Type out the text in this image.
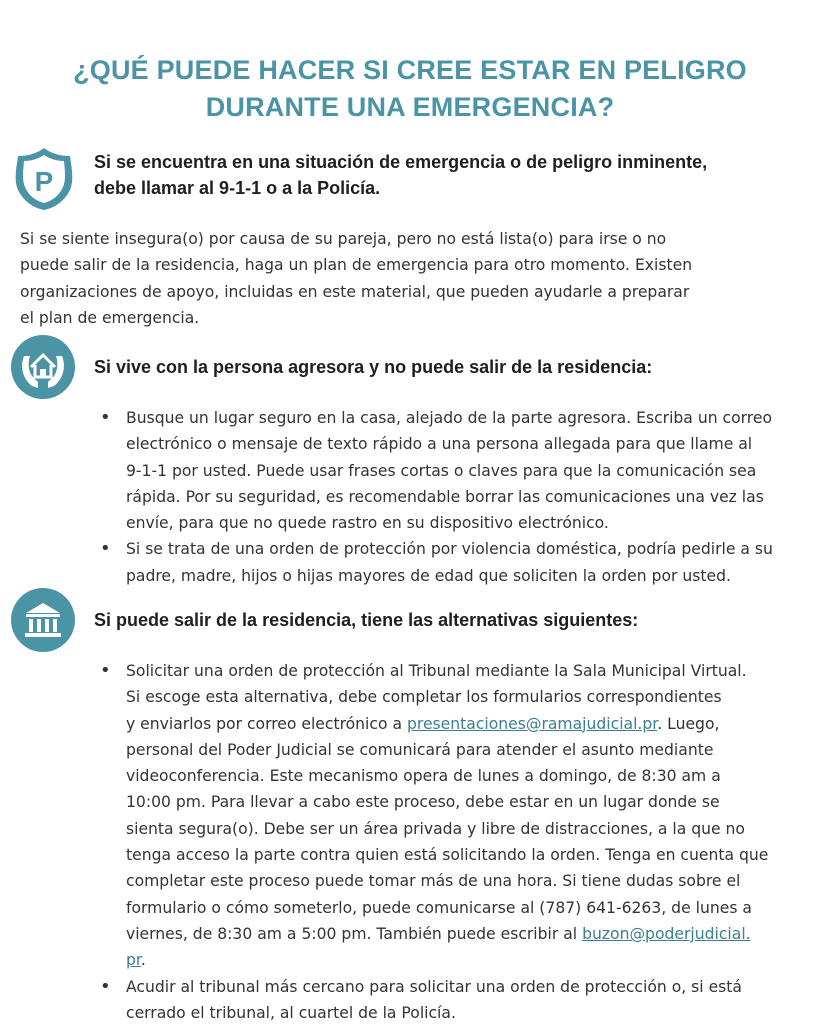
¿QUÉ PUEDE HACER SI CREE ESTAR EN PELIGRO
DURANTE UNA EMERGENCIA?
P
Si se encuentra en una situación de emergencia o de peligro inminente,
debe llamar al 9-1-1 o a la Policía.
Si se siente insegura(o) por causa de su pareja, pero no está lista(o) para irse o no
puede salir de la residencia, haga un plan de emergencia para otro momento. Existen
organizaciones de apoyo, incluidas en este material, que pueden ayudarle a preparar
el plan de emergencia.
Si vive con la persona agresora y no puede salir de la residencia:
• Busque un lugar seguro en la casa, alejado de la parte agresora. Escriba un correo
electrónico o mensaje de texto rápido a una persona allegada para que llame al
9-1-1 por usted. Puede usar frases cortas o claves para que la comunicación sea
rápida. Por su seguridad, es recomendable borrar las comunicaciones una vez las
envíe, para que no quede rastro en su dispositivo electrónico.
• Si se trata de una orden de protección por violencia doméstica, podría pedirle a su
padre, madre, hijos o hijas mayores de edad que soliciten la orden por usted.
Si puede salir de la residencia, tiene las alternativas siguientes:
• Solicitar una orden de protección al Tribunal mediante la Sala Municipal Virtual.
Si escoge esta alternativa, debe completar los formularios correspondientes
y enviarlos por correo electrónico a presentaciones@ramajudicial.pr. Luego,
personal del Poder Judicial se comunicará para atender el asunto mediante
videoconferencia. Este mecanismo opera de lunes a domingo, de 8:30 am a
10:00 pm. Para llevar a cabo este proceso, debe estar en un lugar donde se
sienta segura(o). Debe ser un área privada y libre de distracciones, a la que no
tenga acceso la parte contra quien está solicitando la orden. Tenga en cuenta que
completar este proceso puede tomar más de una hora. Si tiene dudas sobre el
formulario o cómo someterlo, puede comunicarse al (787) 641-6263, de lunes a
viernes, de 8:30 am a 5:00 pm. También puede escribir al buzon@poderjudicial.
pr.
• Acudir al tribunal más cercano para solicitar una orden de protección o, si está
cerrado el tribunal, al cuartel de la Policía.
